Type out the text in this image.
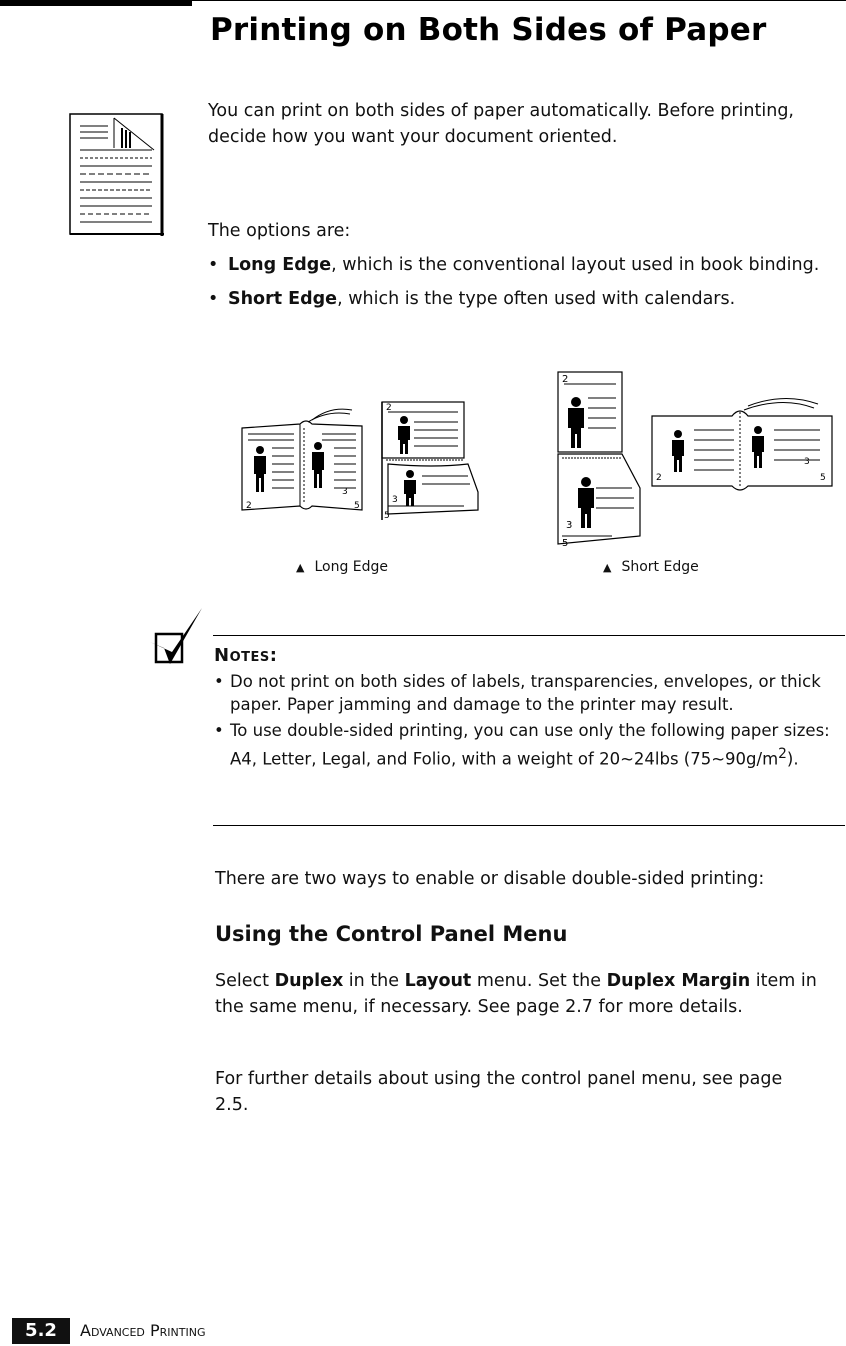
Printing on Both Sides of Paper

You can print on both sides of paper automatically. Before printing, decide how you want your document oriented.

The options are:

• Long Edge, which is the conventional layout used in book binding.
• Short Edge, which is the type often used with calendars.
2
3
5
2
3
5
2
3
5
2
3
5
▲ Long Edge	▲ Short Edge
Notes:
• Do not print on both sides of labels, transparencies, envelopes, or thick paper. Paper jamming and damage to the printer may result.
• To use double-sided printing, you can use only the following paper sizes: A4, Letter, Legal, and Folio, with a weight of 20~24lbs $(75\sim 90g/m^2)$.

There are two ways to enable or disable double-sided printing:

Using the Control Panel Menu

Select Duplex in the Layout menu. Set the Duplex Margin item in the same menu, if necessary. See page 2.7 for more details.

For further details about using the control panel menu, see page 2.5.

5.2	Advanced Printing
